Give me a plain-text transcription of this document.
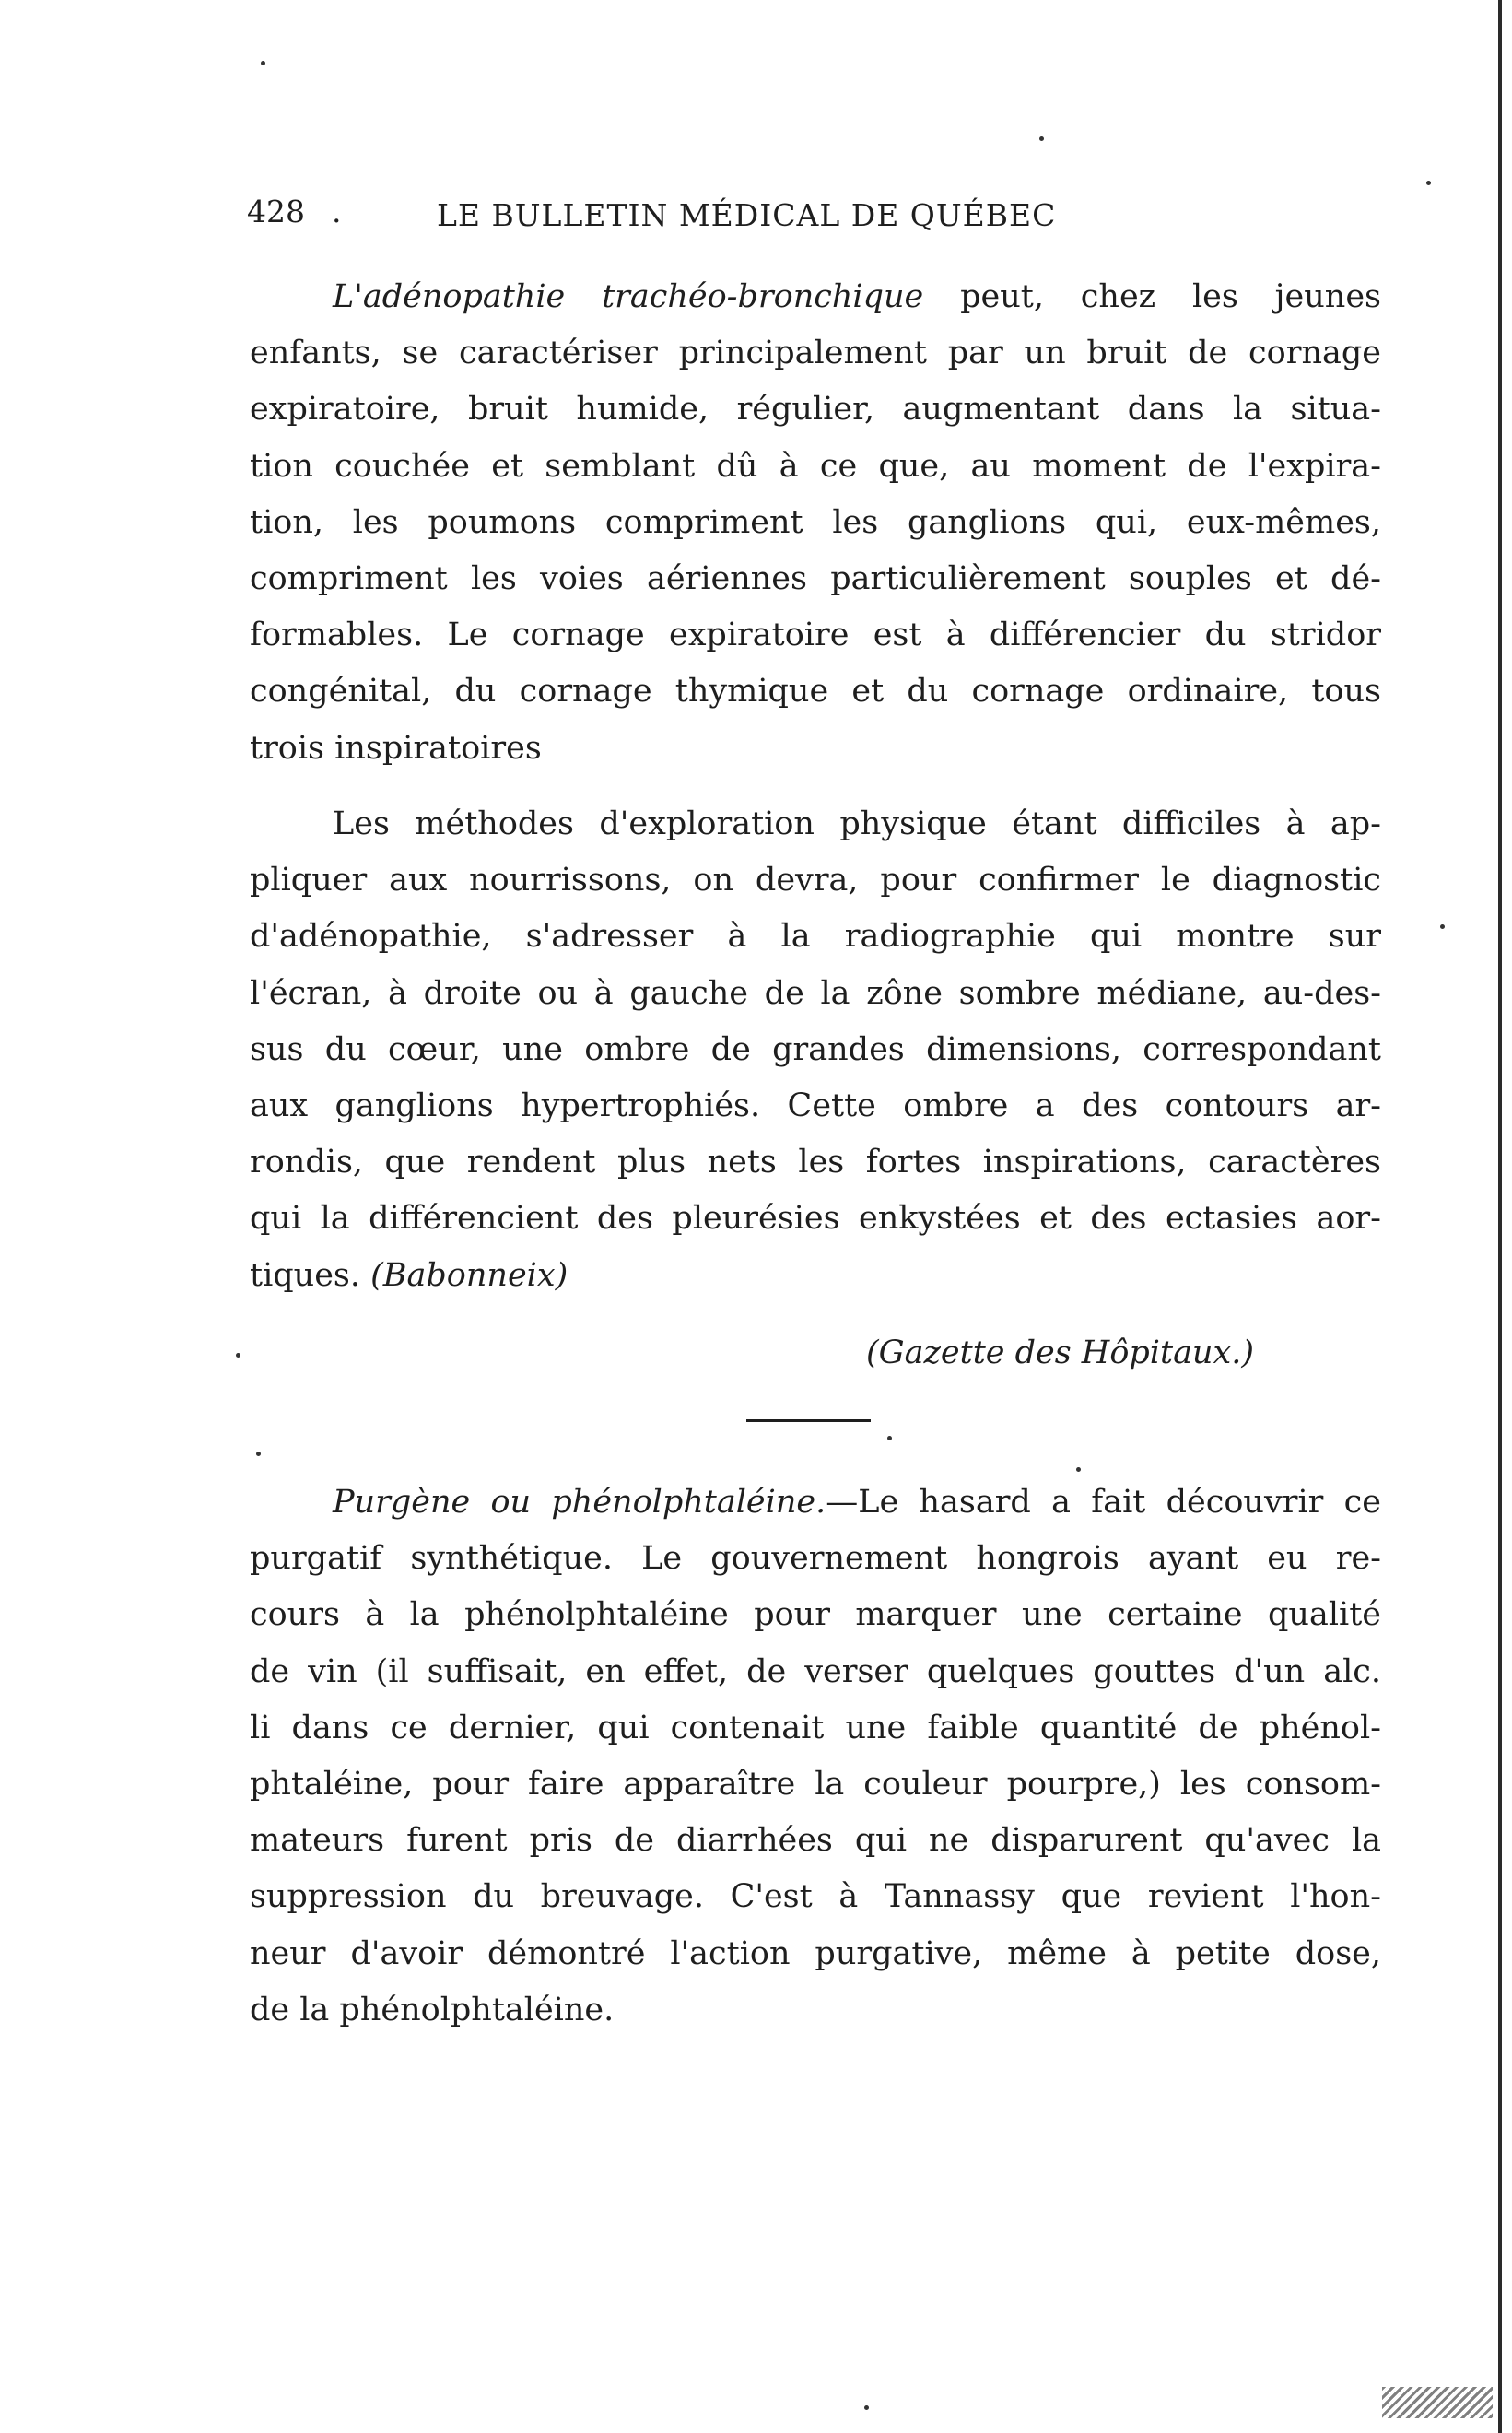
428 .	LE BULLETIN MÉDICAL DE QUÉBEC
L'adénopathie trachéo-bronchique peut, chez les jeunes
enfants, se caractériser principalement par un bruit de cornage
expiratoire, bruit humide, régulier, augmentant dans la situa-
tion couchée et semblant dû à ce que, au moment de l'expira-
tion, les poumons compriment les ganglions qui, eux-mêmes,
compriment les voies aériennes particulièrement souples et dé-
formables. Le cornage expiratoire est à différencier du stridor
congénital, du cornage thymique et du cornage ordinaire, tous
trois inspiratoires
Les méthodes d'exploration physique étant difficiles à ap-
pliquer aux nourrissons, on devra, pour confirmer le diagnostic
d'adénopathie, s'adresser à la radiographie qui montre sur
l'écran, à droite ou à gauche de la zône sombre médiane, au-des-
sus du cœur, une ombre de grandes dimensions, correspondant
aux ganglions hypertrophiés. Cette ombre a des contours ar-
rondis, que rendent plus nets les fortes inspirations, caractères
qui la différencient des pleurésies enkystées et des ectasies aor-
tiques. (Babonneix)
(Gazette des Hôpitaux.)
Purgène ou phénolphtaléine.—Le hasard a fait découvrir ce
purgatif synthétique. Le gouvernement hongrois ayant eu re-
cours à la phénolphtaléine pour marquer une certaine qualité
de vin (il suffisait, en effet, de verser quelques gouttes d'un alc.
li dans ce dernier, qui contenait une faible quantité de phénol-
phtaléine, pour faire apparaître la couleur pourpre,) les consom-
mateurs furent pris de diarrhées qui ne disparurent qu'avec la
suppression du breuvage. C'est à Tannassy que revient l'hon-
neur d'avoir démontré l'action purgative, même à petite dose,
de la phénolphtaléine.
